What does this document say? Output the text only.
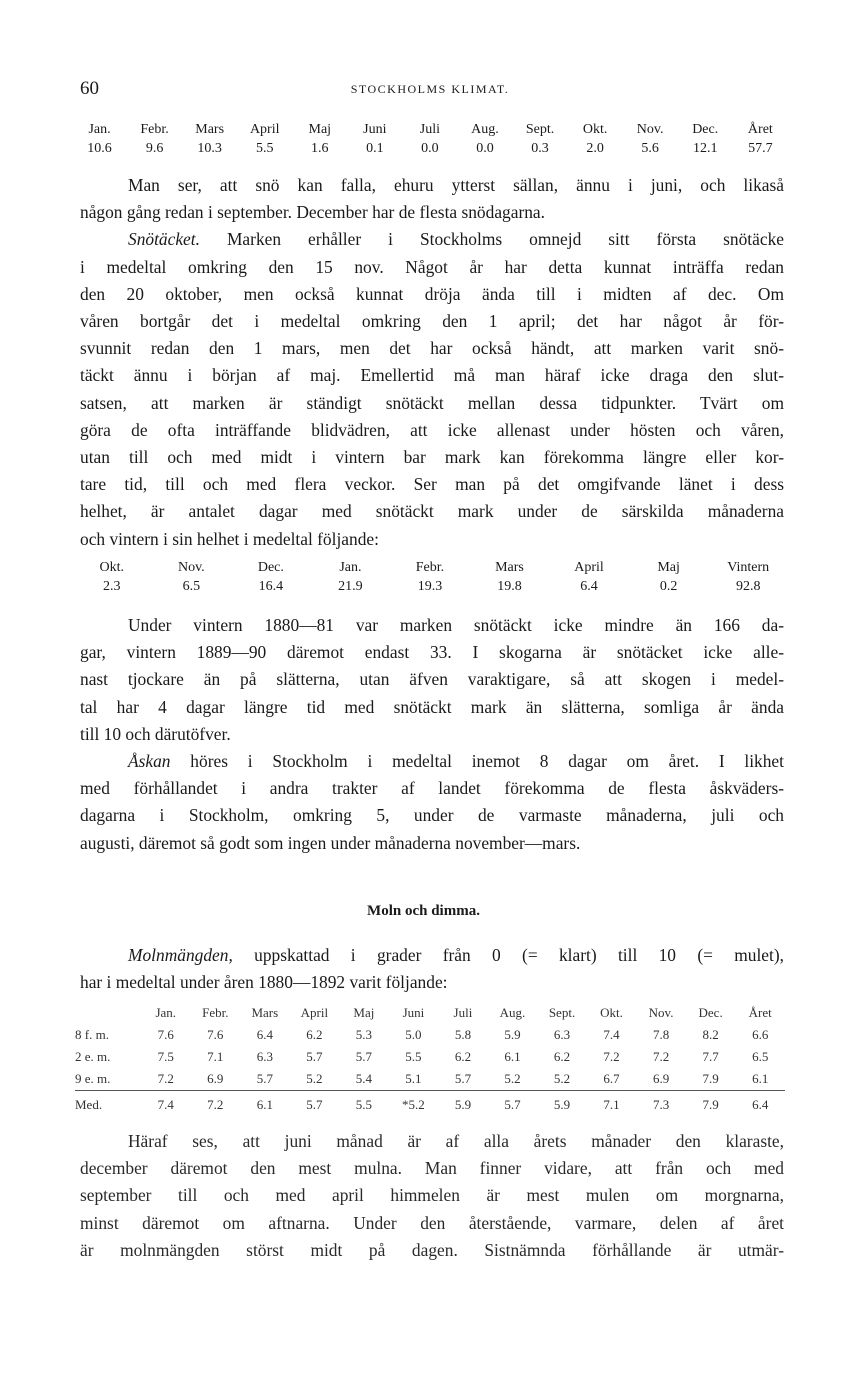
60	STOCKHOLMS KLIMAT.
Jan.	Febr.	Mars	April	Maj	Juni	Juli	Aug.	Sept.	Okt.	Nov.	Dec.	Året
10.6	9.6	10.3	5.5	1.6	0.1	0.0	0.0	0.3	2.0	5.6	12.1	57.7
Man ser, att snö kan falla, ehuru ytterst sällan, ännu i juni, och likaså
någon gång redan i september. December har de flesta snödagarna.
Snötäcket. Marken erhåller i Stockholms omnejd sitt första snötäcke
i medeltal omkring den 15 nov. Något år har detta kunnat inträffa redan
den 20 oktober, men också kunnat dröja ända till i midten af dec. Om
våren bortgår det i medeltal omkring den 1 april; det har något år för-
svunnit redan den 1 mars, men det har också händt, att marken varit snö-
täckt ännu i början af maj. Emellertid må man häraf icke draga den slut-
satsen, att marken är ständigt snötäckt mellan dessa tidpunkter. Tvärt om
göra de ofta inträffande blidvädren, att icke allenast under hösten och våren,
utan till och med midt i vintern bar mark kan förekomma längre eller kor-
tare tid, till och med flera veckor. Ser man på det omgifvande länet i dess
helhet, är antalet dagar med snötäckt mark under de särskilda månaderna
och vintern i sin helhet i medeltal följande:
Okt.	Nov.	Dec.	Jan.	Febr.	Mars	April	Maj	Vintern
2.3	6.5	16.4	21.9	19.3	19.8	6.4	0.2	92.8
Under vintern 1880—81 var marken snötäckt icke mindre än 166 da-
gar, vintern 1889—90 däremot endast 33. I skogarna är snötäcket icke alle-
nast tjockare än på slätterna, utan äfven varaktigare, så att skogen i medel-
tal har 4 dagar längre tid med snötäckt mark än slätterna, somliga år ända
till 10 och därutöfver.
Åskan höres i Stockholm i medeltal inemot 8 dagar om året. I likhet
med förhållandet i andra trakter af landet förekomma de flesta åskväders-
dagarna i Stockholm, omkring 5, under de varmaste månaderna, juli och
augusti, däremot så godt som ingen under månaderna november—mars.
Moln och dimma.
Molnmängden, uppskattad i grader från 0 (= klart) till 10 (= mulet),
har i medeltal under åren 1880—1892 varit följande:
	Jan.	Febr.	Mars	April	Maj	Juni	Juli	Aug.	Sept.	Okt.	Nov.	Dec.	Året
8 f. m.	7.6	7.6	6.4	6.2	5.3	5.0	5.8	5.9	6.3	7.4	7.8	8.2	6.6
2 e. m.	7.5	7.1	6.3	5.7	5.7	5.5	6.2	6.1	6.2	7.2	7.2	7.7	6.5
9 e. m.	7.2	6.9	5.7	5.2	5.4	5.1	5.7	5.2	5.2	6.7	6.9	7.9	6.1

Med.	7.4	7.2	6.1	5.7	5.5	*5.2	5.9	5.7	5.9	7.1	7.3	7.9	6.4
Häraf ses, att juni månad är af alla årets månader den klaraste,
december däremot den mest mulna. Man finner vidare, att från och med
september till och med april himmelen är mest mulen om morgnarna,
minst däremot om aftnarna. Under den återstående, varmare, delen af året
är molnmängden störst midt på dagen. Sistnämnda förhållande är utmär-
